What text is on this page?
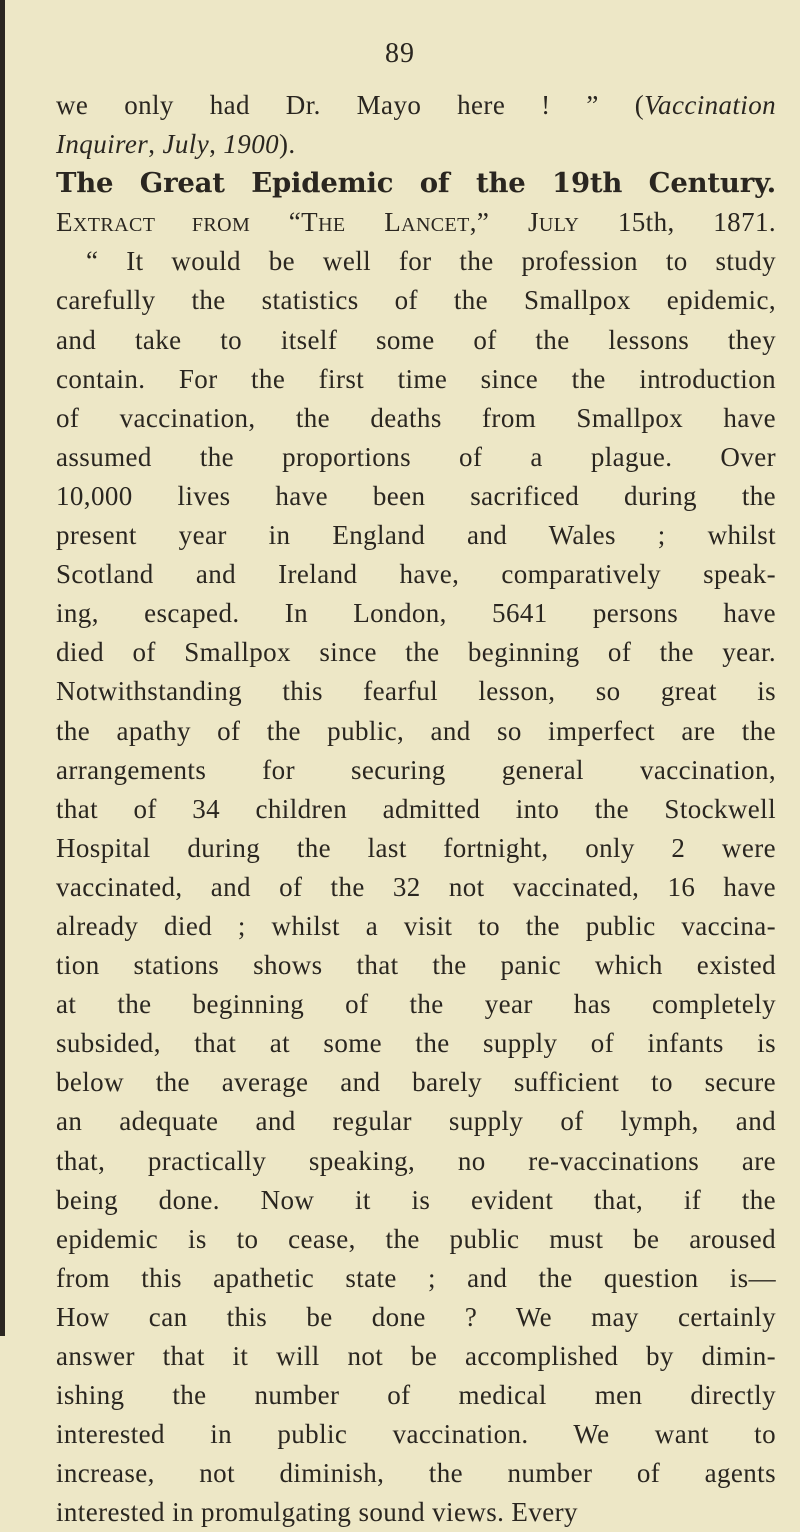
89
we only had Dr. Mayo here ! ” (Vaccination
Inquirer, July, 1900).
The Great Epidemic of the 19th Century.
EXTRACT FROM “THE LANCET,” JULY 15th, 1871.
“ It would be well for the profession to study
carefully the statistics of the Smallpox epidemic,
and take to itself some of the lessons they
contain. For the first time since the introduction
of vaccination, the deaths from Smallpox have
assumed the proportions of a plague. Over
10,000 lives have been sacrificed during the
present year in England and Wales ; whilst
Scotland and Ireland have, comparatively speak-
ing, escaped. In London, 5641 persons have
died of Smallpox since the beginning of the year.
Notwithstanding this fearful lesson, so great is
the apathy of the public, and so imperfect are the
arrangements for securing general vaccination,
that of 34 children admitted into the Stockwell
Hospital during the last fortnight, only 2 were
vaccinated, and of the 32 not vaccinated, 16 have
already died ; whilst a visit to the public vaccina-
tion stations shows that the panic which existed
at the beginning of the year has completely
subsided, that at some the supply of infants is
below the average and barely sufficient to secure
an adequate and regular supply of lymph, and
that, practically speaking, no re-vaccinations are
being done. Now it is evident that, if the
epidemic is to cease, the public must be aroused
from this apathetic state ; and the question is—
How can this be done ? We may certainly
answer that it will not be accomplished by dimin-
ishing the number of medical men directly
interested in public vaccination. We want to
increase, not diminish, the number of agents
interested in promulgating sound views. Every
